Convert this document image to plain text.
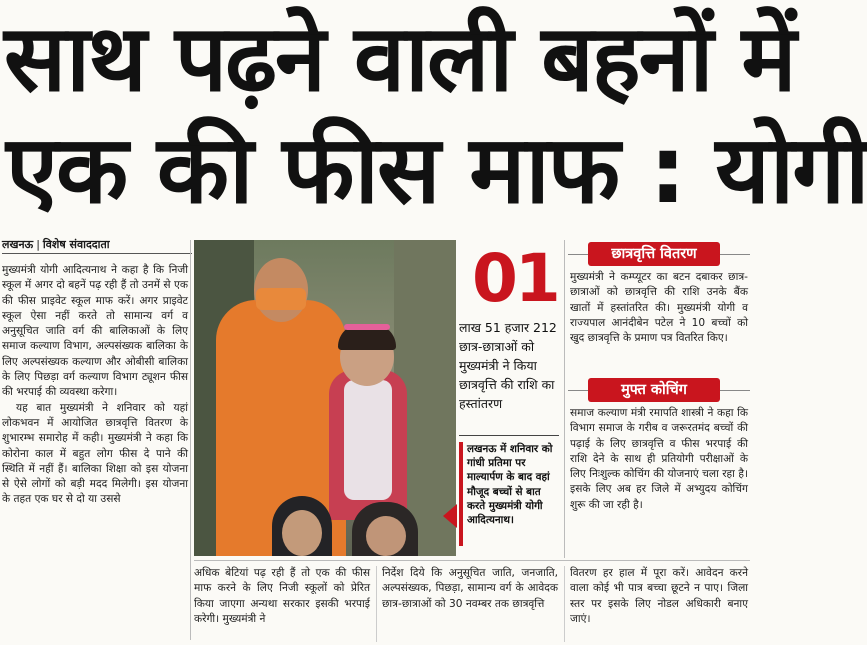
साथ पढ़ने वाली बहनों में
एक की फीस माफ : योगी
लखनऊ | विशेष संवाददाता

मुख्यमंत्री योगी आदित्यनाथ ने कहा है कि निजी स्कूल में अगर दो बहनें पढ़ रही हैं तो उनमें से एक की फीस प्राइवेट स्कूल माफ करें। अगर प्राइवेट स्कूल ऐसा नहीं करते तो सामान्य वर्ग व अनुसूचित जाति वर्ग की बालिकाओं के लिए समाज कल्याण विभाग, अल्पसंख्यक बालिका के लिए अल्पसंख्यक कल्याण और ओबीसी बालिका के लिए पिछड़ा वर्ग कल्याण विभाग ट्यूशन फीस की भरपाई की व्यवस्था करेगा।

यह बात मुख्यमंत्री ने शनिवार को यहां लोकभवन में आयोजित छात्रवृत्ति वितरण के शुभारम्भ समारोह में कही। मुख्यमंत्री ने कहा कि कोरोना काल में बहुत लोग फीस दे पाने की स्थिति में नहीं हैं। बालिका शिक्षा को इस योजना से ऐसे लोगों को बड़ी मदद मिलेगी। इस योजना के तहत एक घर से दो या उससे

01
लाख 51 हजार 212 छात्र-छात्राओं को मुख्यमंत्री ने किया छात्रवृत्ति की राशि का हस्तांतरण
लखनऊ में शनिवार को गांधी प्रतिमा पर माल्यार्पण के बाद वहां मौजूद बच्चों से बात करते मुख्यमंत्री योगी आदित्यनाथ।
छात्रवृत्ति वितरण

मुख्यमंत्री ने कम्प्यूटर का बटन दबाकर छात्र-छात्राओं को छात्रवृत्ति की राशि उनके बैंक खातों में हस्तांतरित की। मुख्यमंत्री योगी व राज्यपाल आनंदीबेन पटेल ने 10 बच्चों को खुद छात्रवृत्ति के प्रमाण पत्र वितरित किए।

मुफ्त कोचिंग

समाज कल्याण मंत्री रमापति शास्त्री ने कहा कि विभाग समाज के गरीब व जरूरतमंद बच्चों की पढ़ाई के लिए छात्रवृत्ति व फीस भरपाई की राशि देने के साथ ही प्रतियोगी परीक्षाओं के लिए निःशुल्क कोचिंग की योजनाएं चला रहा है। इसके लिए अब हर जिले में अभ्युदय कोचिंग शुरू की जा रही है।

अधिक बेटियां पढ़ रही हैं तो एक की फीस माफ करने के लिए निजी स्कूलों को प्रेरित किया जाएगा अन्यथा सरकार इसकी भरपाई करेगी। मुख्यमंत्री ने

निर्देश दिये कि अनुसूचित जाति, जनजाति, अल्पसंख्यक, पिछड़ा, सामान्य वर्ग के आवेदक छात्र-छात्राओं को 30 नवम्बर तक छात्रवृत्ति

वितरण हर हाल में पूरा करें। आवेदन करने वाला कोई भी पात्र बच्चा छूटने न पाए। जिला स्तर पर इसके लिए नोडल अधिकारी बनाए जाएं।
